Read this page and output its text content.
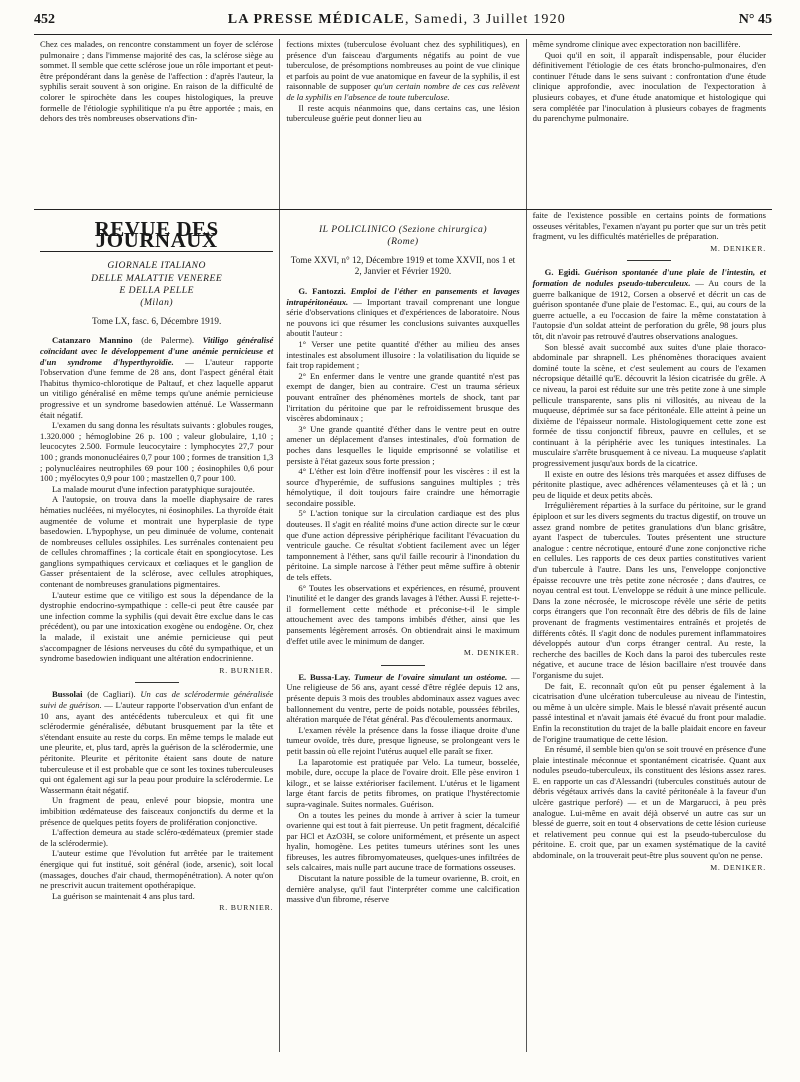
452	LA PRESSE MÉDICALE, Samedi, 3 Juillet 1920	N° 45

Chez ces malades, on rencontre constamment un foyer de sclérose pulmonaire ; dans l'immense majorité des cas, la sclérose siège au sommet. Il semble que cette sclérose joue un rôle important et peut-être prépondérant dans la genèse de l'affection : d'après l'auteur, la syphilis serait souvent à son origine. En raison de la difficulté de colorer le spirochète dans les coupes histologiques, la preuve formelle de l'étiologie syphilitique n'a pu être apportée ; mais, en dehors des très nombreuses observations d'in-

fections mixtes (tuberculose évoluant chez des syphilitiques), en présence d'un faisceau d'arguments négatifs au point de vue tuberculose, de présomptions nombreuses au point de vue clinique et parfois au point de vue anatomique en faveur de la syphilis, il est raisonnable de supposer qu'un certain nombre de ces cas relèvent de la syphilis en l'absence de toute tuberculose.

Il reste acquis néanmoins que, dans certains cas, une lésion tuberculeuse guérie peut donner lieu au

même syndrome clinique avec expectoration non bacillifère.

Quoi qu'il en soit, il apparaît indispensable, pour élucider définitivement l'étiologie de ces états broncho-pulmonaires, d'en continuer l'étude dans le sens suivant : confrontation d'une étude clinique approfondie, avec inoculation de l'expectoration à plusieurs cobayes, et d'une étude anatomique et histologique qui sera complétée par l'inoculation à plusieurs cobayes de fragments du parenchyme pulmonaire.

REVUE DES JOURNAUX
GIORNALE ITALIANO
DELLE MALATTIE VENEREE
E DELLA PELLE
(Milan)
Tome LX, fasc. 6, Décembre 1919.

Catanzaro Mannino (de Palerme). Vitiligo généralisé coïncidant avec le développement d'une anémie pernicieuse et d'un syndrome d'hyperthyroïdie. — L'auteur rapporte l'observation d'une femme de 28 ans, dont l'aspect général était l'habitus thymico-chlorotique de Paltauf, et chez laquelle apparut un vitiligo généralisé en même temps qu'une anémie pernicieuse progressive et un syndrome basedowien atténué. Le Wassermann était négatif.

L'examen du sang donna les résultats suivants : globules rouges, 1.320.000 ; hémoglobine 26 p. 100 ; valeur globulaire, 1,10 ; leucocytes 2.500. Formule leucocytaire : lymphocytes 27,7 pour 100 ; grands mononucléaires 0,7 pour 100 ; formes de transition 1,3 ; polynucléaires neutrophiles 69 pour 100 ; éosinophiles 0,6 pour 100 ; myélocytes 0,9 pour 100 ; mastzellen 0,7 pour 100.

La malade mourut d'une infection paratyphique surajoutée.

A l'autopsie, on trouva dans la moelle diaphysaire de rares hématies nucléées, ni myélocytes, ni éosinophiles. La thyroïde était augmentée de volume et montrait une hyperplasie de type basedowien. L'hypophyse, un peu diminuée de volume, contenait de nombreuses cellules ossiphiles. Les surrénales contenaient peu de cellules chromaffines ; la corticale était en spongiocytose. Les ganglions sympathiques cervicaux et cœliaques et le ganglion de Gasser présentaient de la sclérose, avec cellules atrophiques, contenant de nombreuses granulations pigmentaires.

L'auteur estime que ce vitiligo est sous la dépendance de la dystrophie endocrino-sympathique : celle-ci peut être causée par une infection comme la syphilis (qui devait être exclue dans le cas précédent), ou par une intoxication exogène ou endogène. Or, chez la malade, il existait une anémie pernicieuse qui peut s'accompagner de lésions nerveuses du côté du sympathique, et un syndrome basedowien indiquant une altération endocrinienne.

R. BURNIER.

Bussolai (de Cagliari). Un cas de sclérodermie généralisée suivi de guérison. — L'auteur rapporte l'observation d'un enfant de 10 ans, ayant des antécédents tuberculeux et qui fit une sclérodermie généralisée, débutant brusquement par la tête et s'étendant ensuite au reste du corps. En même temps le malade eut une pleurite, et, plus tard, après la guérison de la sclérodermie, une péritonite. Pleurite et péritonite étaient sans doute de nature tuberculeuse et il est probable que ce sont les toxines tuberculeuses qui ont également agi sur la peau pour produire la sclérodermie. Le Wassermann était négatif.

Un fragment de peau, enlevé pour biopsie, montra une imbibition œdémateuse des faisceaux conjonctifs du derme et la présence de quelques petits foyers de prolifération conjonctive.

L'affection demeura au stade scléro-œdémateux (premier stade de la sclérodermie).

L'auteur estime que l'évolution fut arrêtée par le traitement énergique qui fut institué, soit général (iode, arsenic), soit local (massages, douches d'air chaud, thermopénétration). A noter qu'on ne prescrivit aucun traitement opothérapique.

La guérison se maintenait 4 ans plus tard.

R. BURNIER.
IL POLICLINICO (Sezione chirurgica)
(Rome)
Tome XXVI, n° 12, Décembre 1919 et tome XXVII, nos 1 et 2, Janvier et Février 1920.

G. Fantozzi. Emploi de l'éther en pansements et lavages intrapéritonéaux. — Important travail comprenant une longue série d'observations cliniques et d'expériences de laboratoire. Nous ne pouvons ici que résumer les conclusions suivantes auxquelles aboutit l'auteur :

1° Verser une petite quantité d'éther au milieu des anses intestinales est absolument illusoire : la volatilisation du liquide se fait trop rapidement ;

2° En enfermer dans le ventre une grande quantité n'est pas exempt de danger, bien au contraire. C'est un trauma sérieux pouvant entraîner des phénomènes mortels de shock, tant par l'irritation du péritoine que par le refroidissement brusque des viscères abdominaux ;

3° Une grande quantité d'éther dans le ventre peut en outre amener un déplacement d'anses intestinales, d'où formation de poches dans lesquelles le liquide emprisonné se volatilise et persiste à l'état gazeux sous forte pression ;

4° L'éther est loin d'être inoffensif pour les viscères : il est la source d'hyperémie, de suffusions sanguines multiples ; très hémolytique, il doit toujours faire craindre une hémorragie secondaire possible.

5° L'action tonique sur la circulation cardiaque est des plus douteuses. Il s'agit en réalité moins d'une action directe sur le cœur que d'une action dépressive périphérique facilitant l'évacuation du ventricule gauche. Ce résultat s'obtient facilement avec un léger tamponnement à l'éther, sans qu'il faille recourir à l'inondation du péritoine. La simple narcose à l'éther peut même suffire à obtenir de tels effets.

6° Toutes les observations et expériences, en résumé, prouvent l'inutilité et le danger des grands lavages à l'éther. Aussi F. rejette-t-il formellement cette méthode et préconise-t-il le simple attouchement avec des tampons imbibés d'éther, ainsi que les pansements légèrement arrosés. On obtiendrait ainsi le maximum d'effet utile avec le minimum de danger.

M. DENIKER.

E. Bussa-Lay. Tumeur de l'ovaire simulant un ostéome. — Une religieuse de 56 ans, ayant cessé d'être réglée depuis 12 ans, présente depuis 3 mois des troubles abdominaux assez vagues avec ballonnement du ventre, perte de poids notable, poussées fébriles, altération marquée de l'état général. Pas d'écoulements anormaux.

L'examen révèle la présence dans la fosse iliaque droite d'une tumeur ovoïde, très dure, presque ligneuse, se prolongeant vers le petit bassin où elle rejoint l'utérus auquel elle paraît se fixer.

La laparotomie est pratiquée par Velo. La tumeur, bosselée, mobile, dure, occupe la place de l'ovaire droit. Elle pèse environ 1 kilogr., et se laisse extérioriser facilement. L'utérus et le ligament large étant farcis de petits fibromes, on pratique l'hystérectomie supra-vaginale. Suites normales. Guérison.

On a toutes les peines du monde à arriver à scier la tumeur ovarienne qui est tout à fait pierreuse. Un petit fragment, décalcifié par HCl et AzO3H, se colore uniformément, et présente un aspect hyalin, homogène. Les petites tumeurs utérines sont les unes fibreuses, les autres fibromyomateuses, quelques-unes infiltrées de sels calcaires, mais nulle part aucune trace de formations osseuses.

Discutant la nature possible de la tumeur ovarienne, B. croit, en dernière analyse, qu'il faut l'interpréter comme une calcification massive d'un fibrome, réserve

faite de l'existence possible en certains points de formations osseuses véritables, l'examen n'ayant pu porter que sur un très petit fragment, vu les difficultés matérielles de préparation.

M. DENIKER.

G. Egidi. Guérison spontanée d'une plaie de l'intestin, et formation de nodules pseudo-tuberculeux. — Au cours de la guerre balkanique de 1912, Corsen a observé et décrit un cas de guérison spontanée d'une plaie de l'estomac. E., qui, au cours de la guerre actuelle, a eu l'occasion de faire la même constatation à l'autopsie d'un soldat atteint de perforation du grêle, 98 jours plus tôt, dit n'avoir pas retrouvé d'autres observations analogues.

Son blessé avait succombé aux suites d'une plaie thoraco-abdominale par shrapnell. Les phénomènes thoraciques avaient dominé toute la scène, et c'est seulement au cours de l'examen nécropsique détaillé qu'E. découvrit la lésion cicatrisée du grêle. A ce niveau, la paroi est réduite sur une très petite zone à une simple pellicule transparente, sans plis ni villosités, au niveau de la muqueuse, déprimée sur sa face péritonéale. Elle atteint à peine un dixième de l'épaisseur normale. Histologiquement cette zone est formée de tissu conjonctif fibreux, pauvre en cellules, et se continuant à la périphérie avec les tuniques intestinales. La musculaire s'arrête brusquement à ce niveau. La muqueuse s'aplatit progressivement jusqu'aux bords de la cicatrice.

Il existe en outre des lésions très marquées et assez diffuses de péritonite plastique, avec adhérences vélamenteuses çà et là ; un peu de liquide et deux petits abcès.

Irrégulièrement réparties à la surface du péritoine, sur le grand épiploon et sur les divers segments du tractus digestif, on trouve un assez grand nombre de petites granulations d'un blanc grisâtre, ayant l'aspect de tubercules. Toutes présentent une structure analogue : centre nécrotique, entouré d'une zone conjonctive riche en cellules. Les rapports de ces deux parties constitutives varient d'un tubercule à l'autre. Dans les uns, l'enveloppe conjonctive épaisse recouvre une très petite zone nécrosée ; dans d'autres, ce noyau central est tout. L'enveloppe se réduit à une mince pellicule. Dans la zone nécrosée, le microscope révèle une série de petits corps étrangers que l'on reconnaît être des débris de fils de laine provenant de fragments vestimentaires entraînés et projetés de différents côtés. Il s'agit donc de nodules purement inflammatoires développés autour d'un corps étranger central. Au reste, la recherche des bacilles de Koch dans la paroi des tubercules reste négative, et aucune trace de lésion bacillaire n'est trouvée dans l'organisme du sujet.

De fait, E. reconnaît qu'on eût pu penser également à la cicatrisation d'une ulcération tuberculeuse au niveau de l'intestin, ou même à un ulcère simple. Mais le blessé n'avait présenté aucun passé intestinal et n'avait jamais été évacué du front pour maladie. Enfin la reconstitution du trajet de la balle plaidait encore en faveur de l'origine traumatique de cette lésion.

En résumé, il semble bien qu'on se soit trouvé en présence d'une plaie intestinale méconnue et spontanément cicatrisée. Quant aux nodules pseudo-tuberculeux, ils constituent des lésions assez rares. E. en rapporte un cas d'Alessandri (tubercules constitués autour de débris végétaux arrivés dans la cavité péritonéale à la faveur d'un ulcère gastrique perforé) — et un de Margarucci, à peu près analogue. Lui-même en avait déjà observé un autre cas sur un blessé de guerre, soit en tout 4 observations de cette lésion curieuse et relativement peu connue qui est la pseudo-tuberculose du péritoine. E. croit que, par un examen systématique de la cavité abdominale, on la trouverait peut-être plus souvent qu'on ne pense.

M. DENIKER.
